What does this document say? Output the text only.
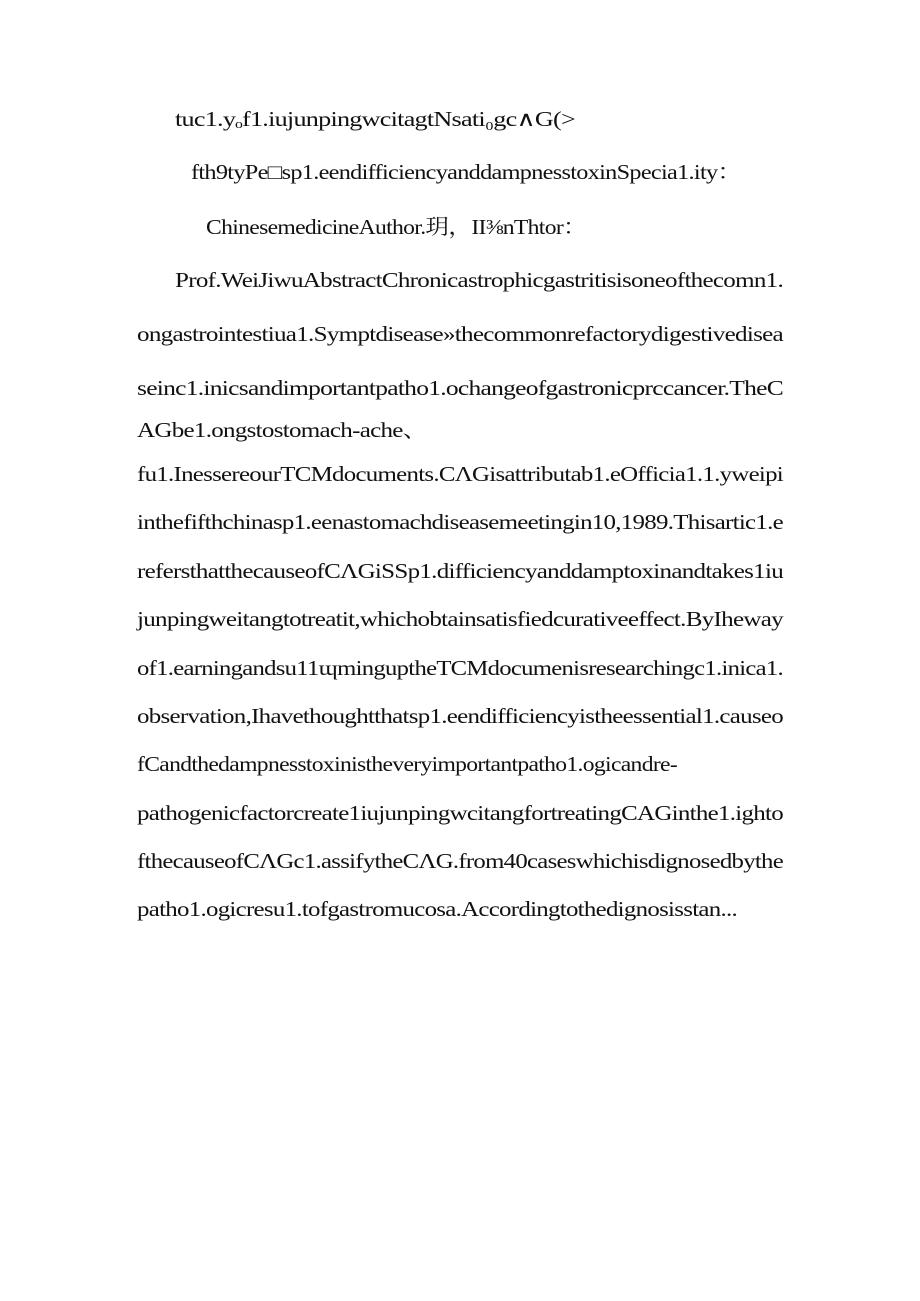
tuc1.yₒf1.iujunpingwcitagtNsati₀gc∧G(>
fth9tyPe□sp1.eendifficiencyanddampnesstoxinSpecia1.ity：
ChinesemedicineAuthor.玥，II⅜nThtor：
Prof.WeiJiwuAbstractChronicastrophicgastritisisoneofthecomn1.
ongastrointestiua1.Symptdisease»thecommonrefactorydigestivedisea
seinc1.inicsandimportantpatho1.ochangeofgastronicprccancer.TheC
AGbe1.ongstostomach-ache、
fu1.InessereourTCMdocuments.CΛGisattributab1.eOfficia1.1.yweipi
inthefifthchinasp1.eenastomachdiseasemeetingin10,1989.Thisartic1.e
refersthatthecauseofCΛGiSSp1.difficiencyanddamptoxinandtakes1iu
junpingweitangtotreatit,whichobtainsatisfiedcurativeeffect.ByIheway
of1.earningandsu11ɰminguptheTCMdocumenisresearchingc1.inica1.
observation,Ihavethoughtthatsp1.eendifficiencyistheessential1.causeo
fCandthedampnesstoxinistheveryimportantpatho1.ogicandre-
pathogenicfactorcreate1iujunpingwcitangfortreatingCAGinthe1.ighto
fthecauseofCΛGc1.assifytheCΛG.from40caseswhichisdignosedbythe
patho1.ogicresu1.tofgastromucosa.Accordingtothedignosisstan...
